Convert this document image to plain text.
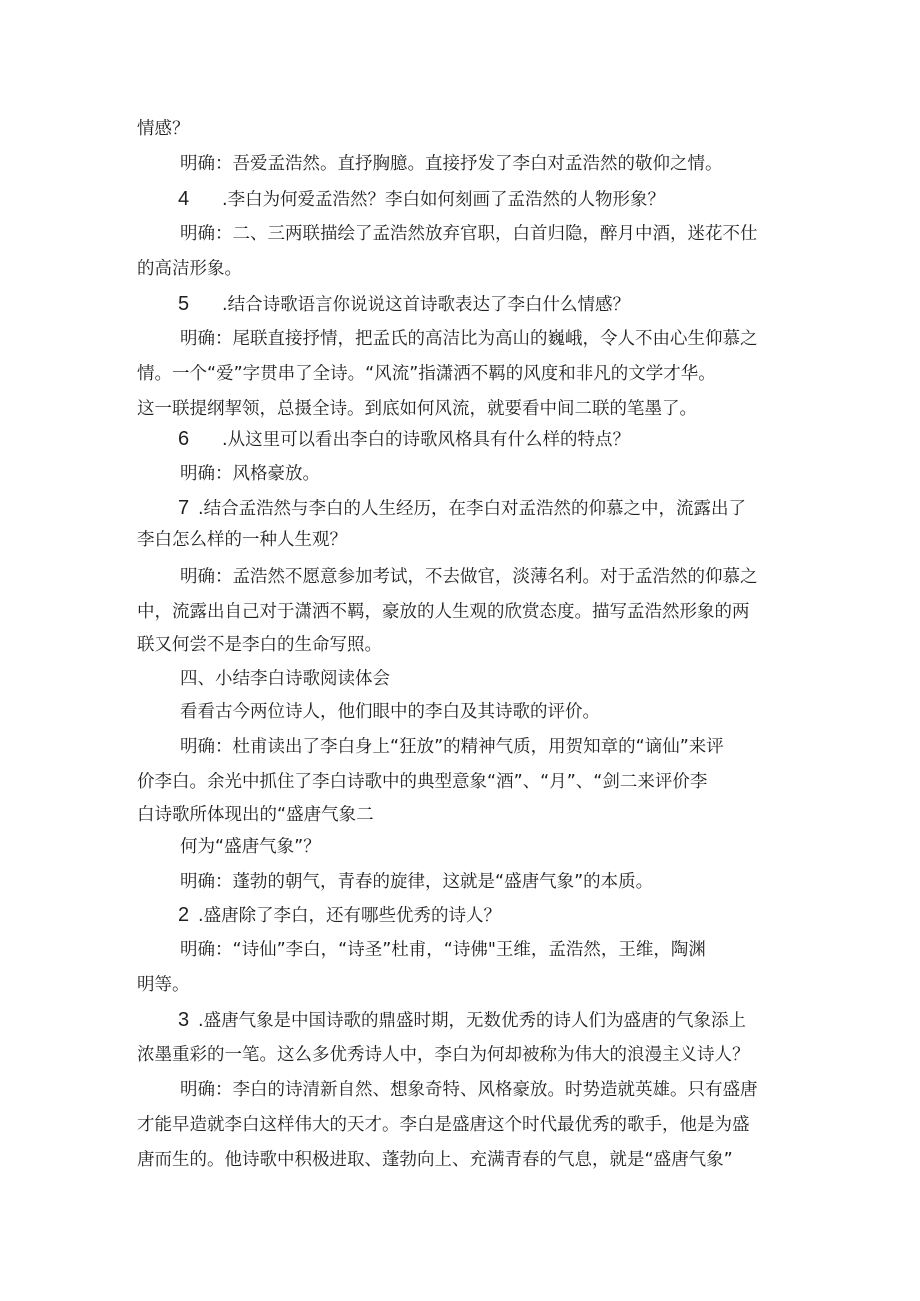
情感？
明确：吾爱孟浩然。直抒胸臆。直接抒发了李白对孟浩然的敬仰之情。
4 .李白为何爱孟浩然？李白如何刻画了孟浩然的人物形象？
明确：二、三两联描绘了孟浩然放弃官职，白首归隐，醉月中酒，迷花不仕
的高洁形象。
5 .结合诗歌语言你说说这首诗歌表达了李白什么情感？
明确：尾联直接抒情，把孟氏的高洁比为高山的巍峨，令人不由心生仰慕之
情。一个“爱”字贯串了全诗。“风流”指潇洒不羁的风度和非凡的文学才华。
这一联提纲挈领，总摄全诗。到底如何风流，就要看中间二联的笔墨了。
6 .从这里可以看出李白的诗歌风格具有什么样的特点？
明确：风格豪放。
7 .结合孟浩然与李白的人生经历，在李白对孟浩然的仰慕之中，流露出了
李白怎么样的一种人生观？
明确：孟浩然不愿意参加考试，不去做官，淡薄名利。对于孟浩然的仰慕之
中，流露出自己对于潇洒不羁，豪放的人生观的欣赏态度。描写孟浩然形象的两
联又何尝不是李白的生命写照。
四、小结李白诗歌阅读体会
看看古今两位诗人，他们眼中的李白及其诗歌的评价。
明确：杜甫读出了李白身上“狂放”的精神气质，用贺知章的“谪仙”来评
价李白。余光中抓住了李白诗歌中的典型意象“酒”、“月”、“剑二来评价李
白诗歌所体现出的“盛唐气象二
何为“盛唐气象”？
明确：蓬勃的朝气，青春的旋律，这就是“盛唐气象”的本质。
2 .盛唐除了李白，还有哪些优秀的诗人？
明确：“诗仙”李白，“诗圣”杜甫，“诗佛"王维，孟浩然，王维，陶渊
明等。
3 .盛唐气象是中国诗歌的鼎盛时期，无数优秀的诗人们为盛唐的气象添上
浓墨重彩的一笔。这么多优秀诗人中，李白为何却被称为伟大的浪漫主义诗人？
明确：李白的诗清新自然、想象奇特、风格豪放。时势造就英雄。只有盛唐
才能早造就李白这样伟大的天才。李白是盛唐这个时代最优秀的歌手，他是为盛
唐而生的。他诗歌中积极进取、蓬勃向上、充满青春的气息，就是“盛唐气象”
